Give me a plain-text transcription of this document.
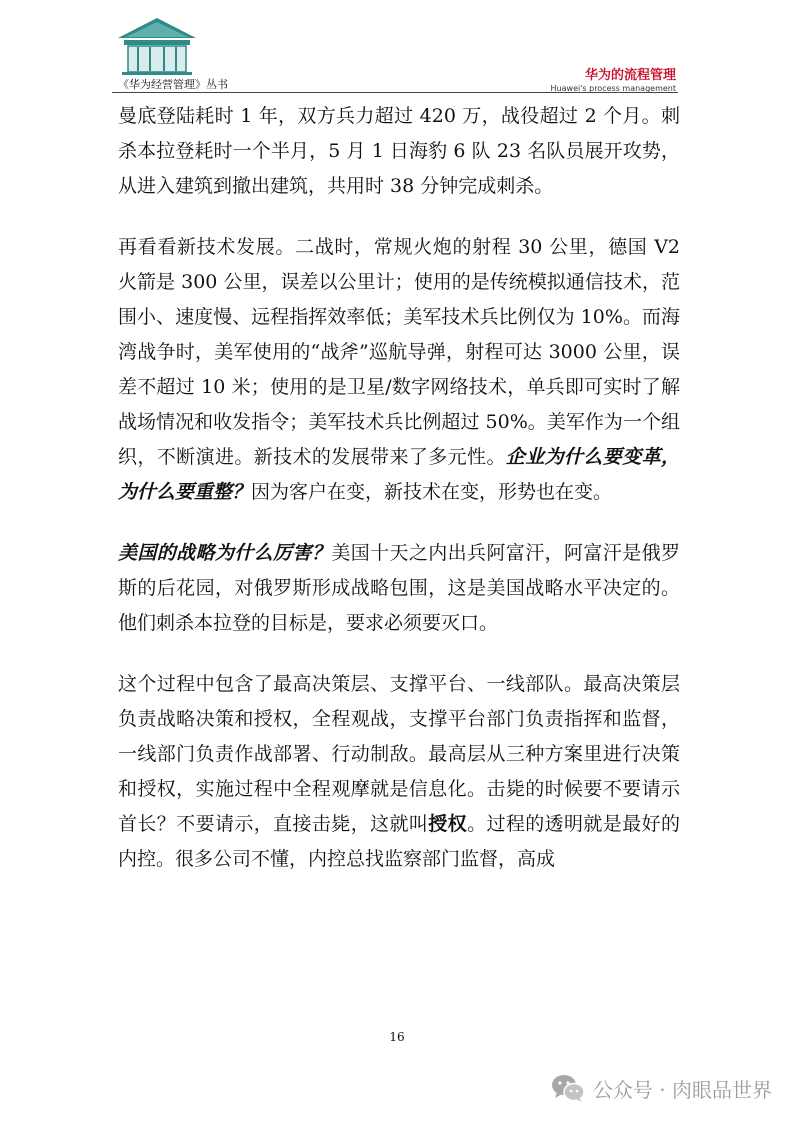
《华为经营管理》丛书
华为的流程管理
Huawei's process management

曼底登陆耗时 1 年，双方兵力超过 420 万，战役超过 2 个月。刺杀本拉登耗时一个半月，5 月 1 日海豹 6 队 23 名队员展开攻势，从进入建筑到撤出建筑，共用时 38 分钟完成刺杀。

再看看新技术发展。二战时，常规火炮的射程 30 公里，德国 V2 火箭是 300 公里，误差以公里计；使用的是传统模拟通信技术，范围小、速度慢、远程指挥效率低；美军技术兵比例仅为 10%。而海湾战争时，美军使用的“战斧”巡航导弹，射程可达 3000 公里，误差不超过 10 米；使用的是卫星/数字网络技术，单兵即可实时了解战场情况和收发指令；美军技术兵比例超过 50%。美军作为一个组织，不断演进。新技术的发展带来了多元性。企业为什么要变革，为什么要重整？因为客户在变，新技术在变，形势也在变。

美国的战略为什么厉害？美国十天之内出兵阿富汗，阿富汗是俄罗斯的后花园，对俄罗斯形成战略包围，这是美国战略水平决定的。他们刺杀本拉登的目标是，要求必须要灭口。

这个过程中包含了最高决策层、支撑平台、一线部队。最高决策层负责战略决策和授权，全程观战，支撑平台部门负责指挥和监督，一线部门负责作战部署、行动制敌。最高层从三种方案里进行决策和授权，实施过程中全程观摩就是信息化。击毙的时候要不要请示首长？不要请示，直接击毙，这就叫授权。过程的透明就是最好的内控。很多公司不懂，内控总找监察部门监督，高成

16
公众号 · 肉眼品世界
